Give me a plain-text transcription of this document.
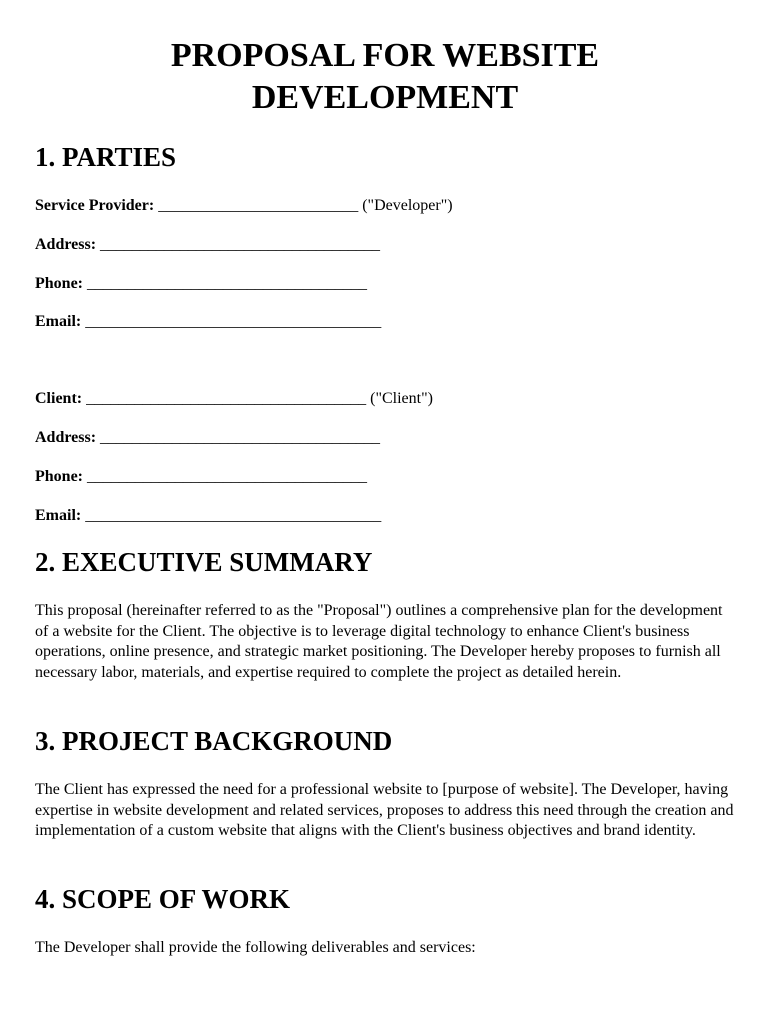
PROPOSAL FOR WEBSITE
DEVELOPMENT
1. PARTIES
Service Provider: _________________________ ("Developer")
Address: ___________________________________
Phone: ___________________________________
Email: _____________________________________
Client: ___________________________________ ("Client")
Address: ___________________________________
Phone: ___________________________________
Email: _____________________________________
2. EXECUTIVE SUMMARY

This proposal (hereinafter referred to as the "Proposal") outlines a comprehensive plan for the development of a website for the Client. The objective is to leverage digital technology to enhance Client's business operations, online presence, and strategic market positioning. The Developer hereby proposes to furnish all necessary labor, materials, and expertise required to complete the project as detailed herein.

3. PROJECT BACKGROUND

The Client has expressed the need for a professional website to [purpose of website]. The Developer, having expertise in website development and related services, proposes to address this need through the creation and implementation of a custom website that aligns with the Client's business objectives and brand identity.

4. SCOPE OF WORK

The Developer shall provide the following deliverables and services:
